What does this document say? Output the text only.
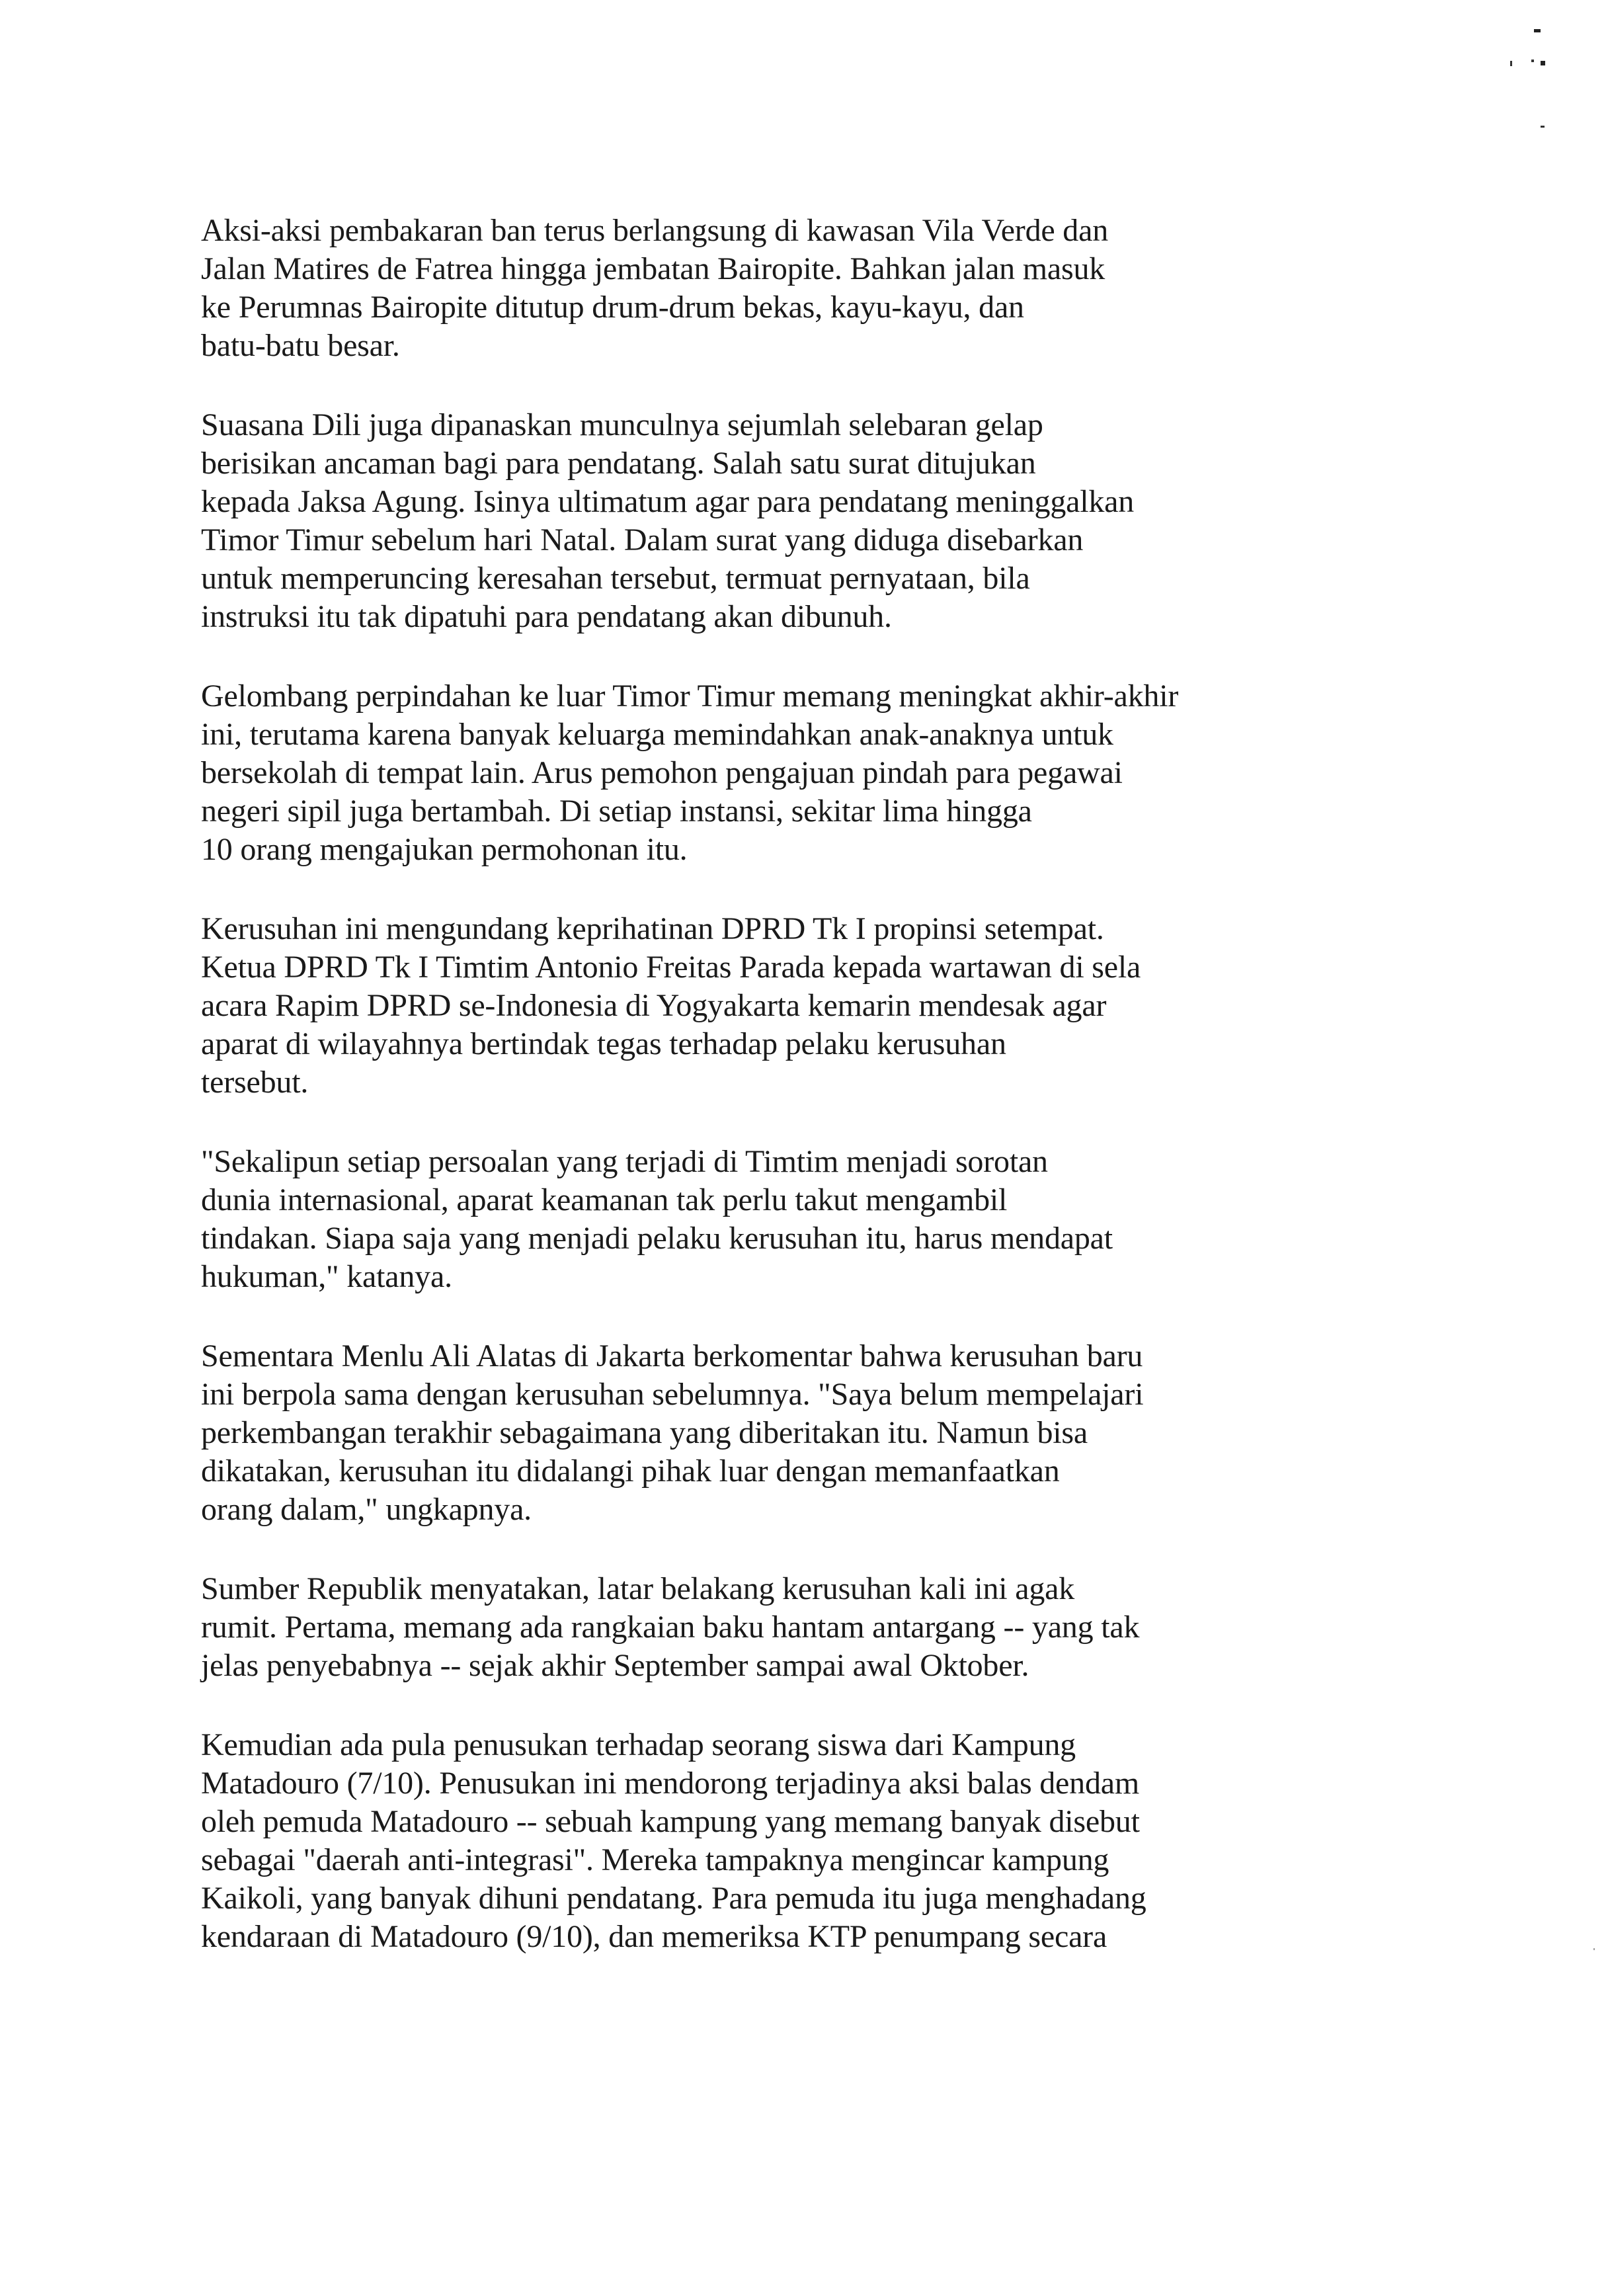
Aksi-aksi pembakaran ban terus berlangsung di kawasan Vila Verde dan
Jalan Matires de Fatrea hingga jembatan Bairopite. Bahkan jalan masuk
ke Perumnas Bairopite ditutup drum-drum bekas, kayu-kayu, dan
batu-batu besar.
Suasana Dili juga dipanaskan munculnya sejumlah selebaran gelap
berisikan ancaman bagi para pendatang. Salah satu surat ditujukan
kepada Jaksa Agung. Isinya ultimatum agar para pendatang meninggalkan
Timor Timur sebelum hari Natal. Dalam surat yang diduga disebarkan
untuk memperuncing keresahan tersebut, termuat pernyataan, bila
instruksi itu tak dipatuhi para pendatang akan dibunuh.
Gelombang perpindahan ke luar Timor Timur memang meningkat akhir-akhir
ini, terutama karena banyak keluarga memindahkan anak-anaknya untuk
bersekolah di tempat lain. Arus pemohon pengajuan pindah para pegawai
negeri sipil juga bertambah. Di setiap instansi, sekitar lima hingga
10 orang mengajukan permohonan itu.
Kerusuhan ini mengundang keprihatinan DPRD Tk I propinsi setempat.
Ketua DPRD Tk I Timtim Antonio Freitas Parada kepada wartawan di sela
acara Rapim DPRD se-Indonesia di Yogyakarta kemarin mendesak agar
aparat di wilayahnya bertindak tegas terhadap pelaku kerusuhan
tersebut.
"Sekalipun setiap persoalan yang terjadi di Timtim menjadi sorotan
dunia internasional, aparat keamanan tak perlu takut mengambil
tindakan. Siapa saja yang menjadi pelaku kerusuhan itu, harus mendapat
hukuman," katanya.
Sementara Menlu Ali Alatas di Jakarta berkomentar bahwa kerusuhan baru
ini berpola sama dengan kerusuhan sebelumnya. "Saya belum mempelajari
perkembangan terakhir sebagaimana yang diberitakan itu. Namun bisa
dikatakan, kerusuhan itu didalangi pihak luar dengan memanfaatkan
orang dalam," ungkapnya.
Sumber Republik menyatakan, latar belakang kerusuhan kali ini agak
rumit. Pertama, memang ada rangkaian baku hantam antargang -- yang tak
jelas penyebabnya -- sejak akhir September sampai awal Oktober.
Kemudian ada pula penusukan terhadap seorang siswa dari Kampung
Matadouro (7/10). Penusukan ini mendorong terjadinya aksi balas dendam
oleh pemuda Matadouro -- sebuah kampung yang memang banyak disebut
sebagai "daerah anti-integrasi". Mereka tampaknya mengincar kampung
Kaikoli, yang banyak dihuni pendatang. Para pemuda itu juga menghadang
kendaraan di Matadouro (9/10), dan memeriksa KTP penumpang secara
